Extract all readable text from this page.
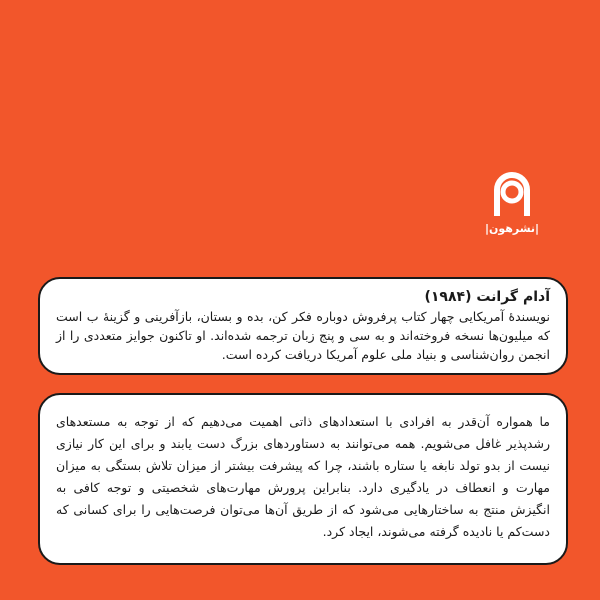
|نشرهون|
آدام گرانت (۱۹۸۴)
نویسندهٔ آمریکایی چهار کتاب پرفروش دوباره فکر کن، بده و بستان، بازآفرینی و گزینهٔ ب است که میلیون‌ها نسخه فروخته‌اند و به سی و پنج زبان ترجمه شده‌اند. او تاکنون جوایز متعددی را از انجمن روان‌شناسی و بنیاد ملی علوم آمریکا دریافت کرده است.
ما همواره آن‌قدر به افرادی با استعدادهای ذاتی اهمیت می‌دهیم که از توجه به مستعدهای رشدپذیر غافل می‌شویم. همه می‌توانند به دستاوردهای بزرگ دست یابند و برای این کار نیازی نیست از بدو تولد نابغه یا ستاره باشند، چرا که پیشرفت بیشتر از میزان تلاش بستگی به میزان مهارت و انعطاف در یادگیری دارد. بنابراین پرورش مهارت‌های شخصیتی و توجه کافی به انگیزش منتج به ساختارهایی می‌شود که از طریق آن‌ها می‌توان فرصت‌هایی را برای کسانی که دست‌کم یا نادیده گرفته می‌شوند، ایجاد کرد.
